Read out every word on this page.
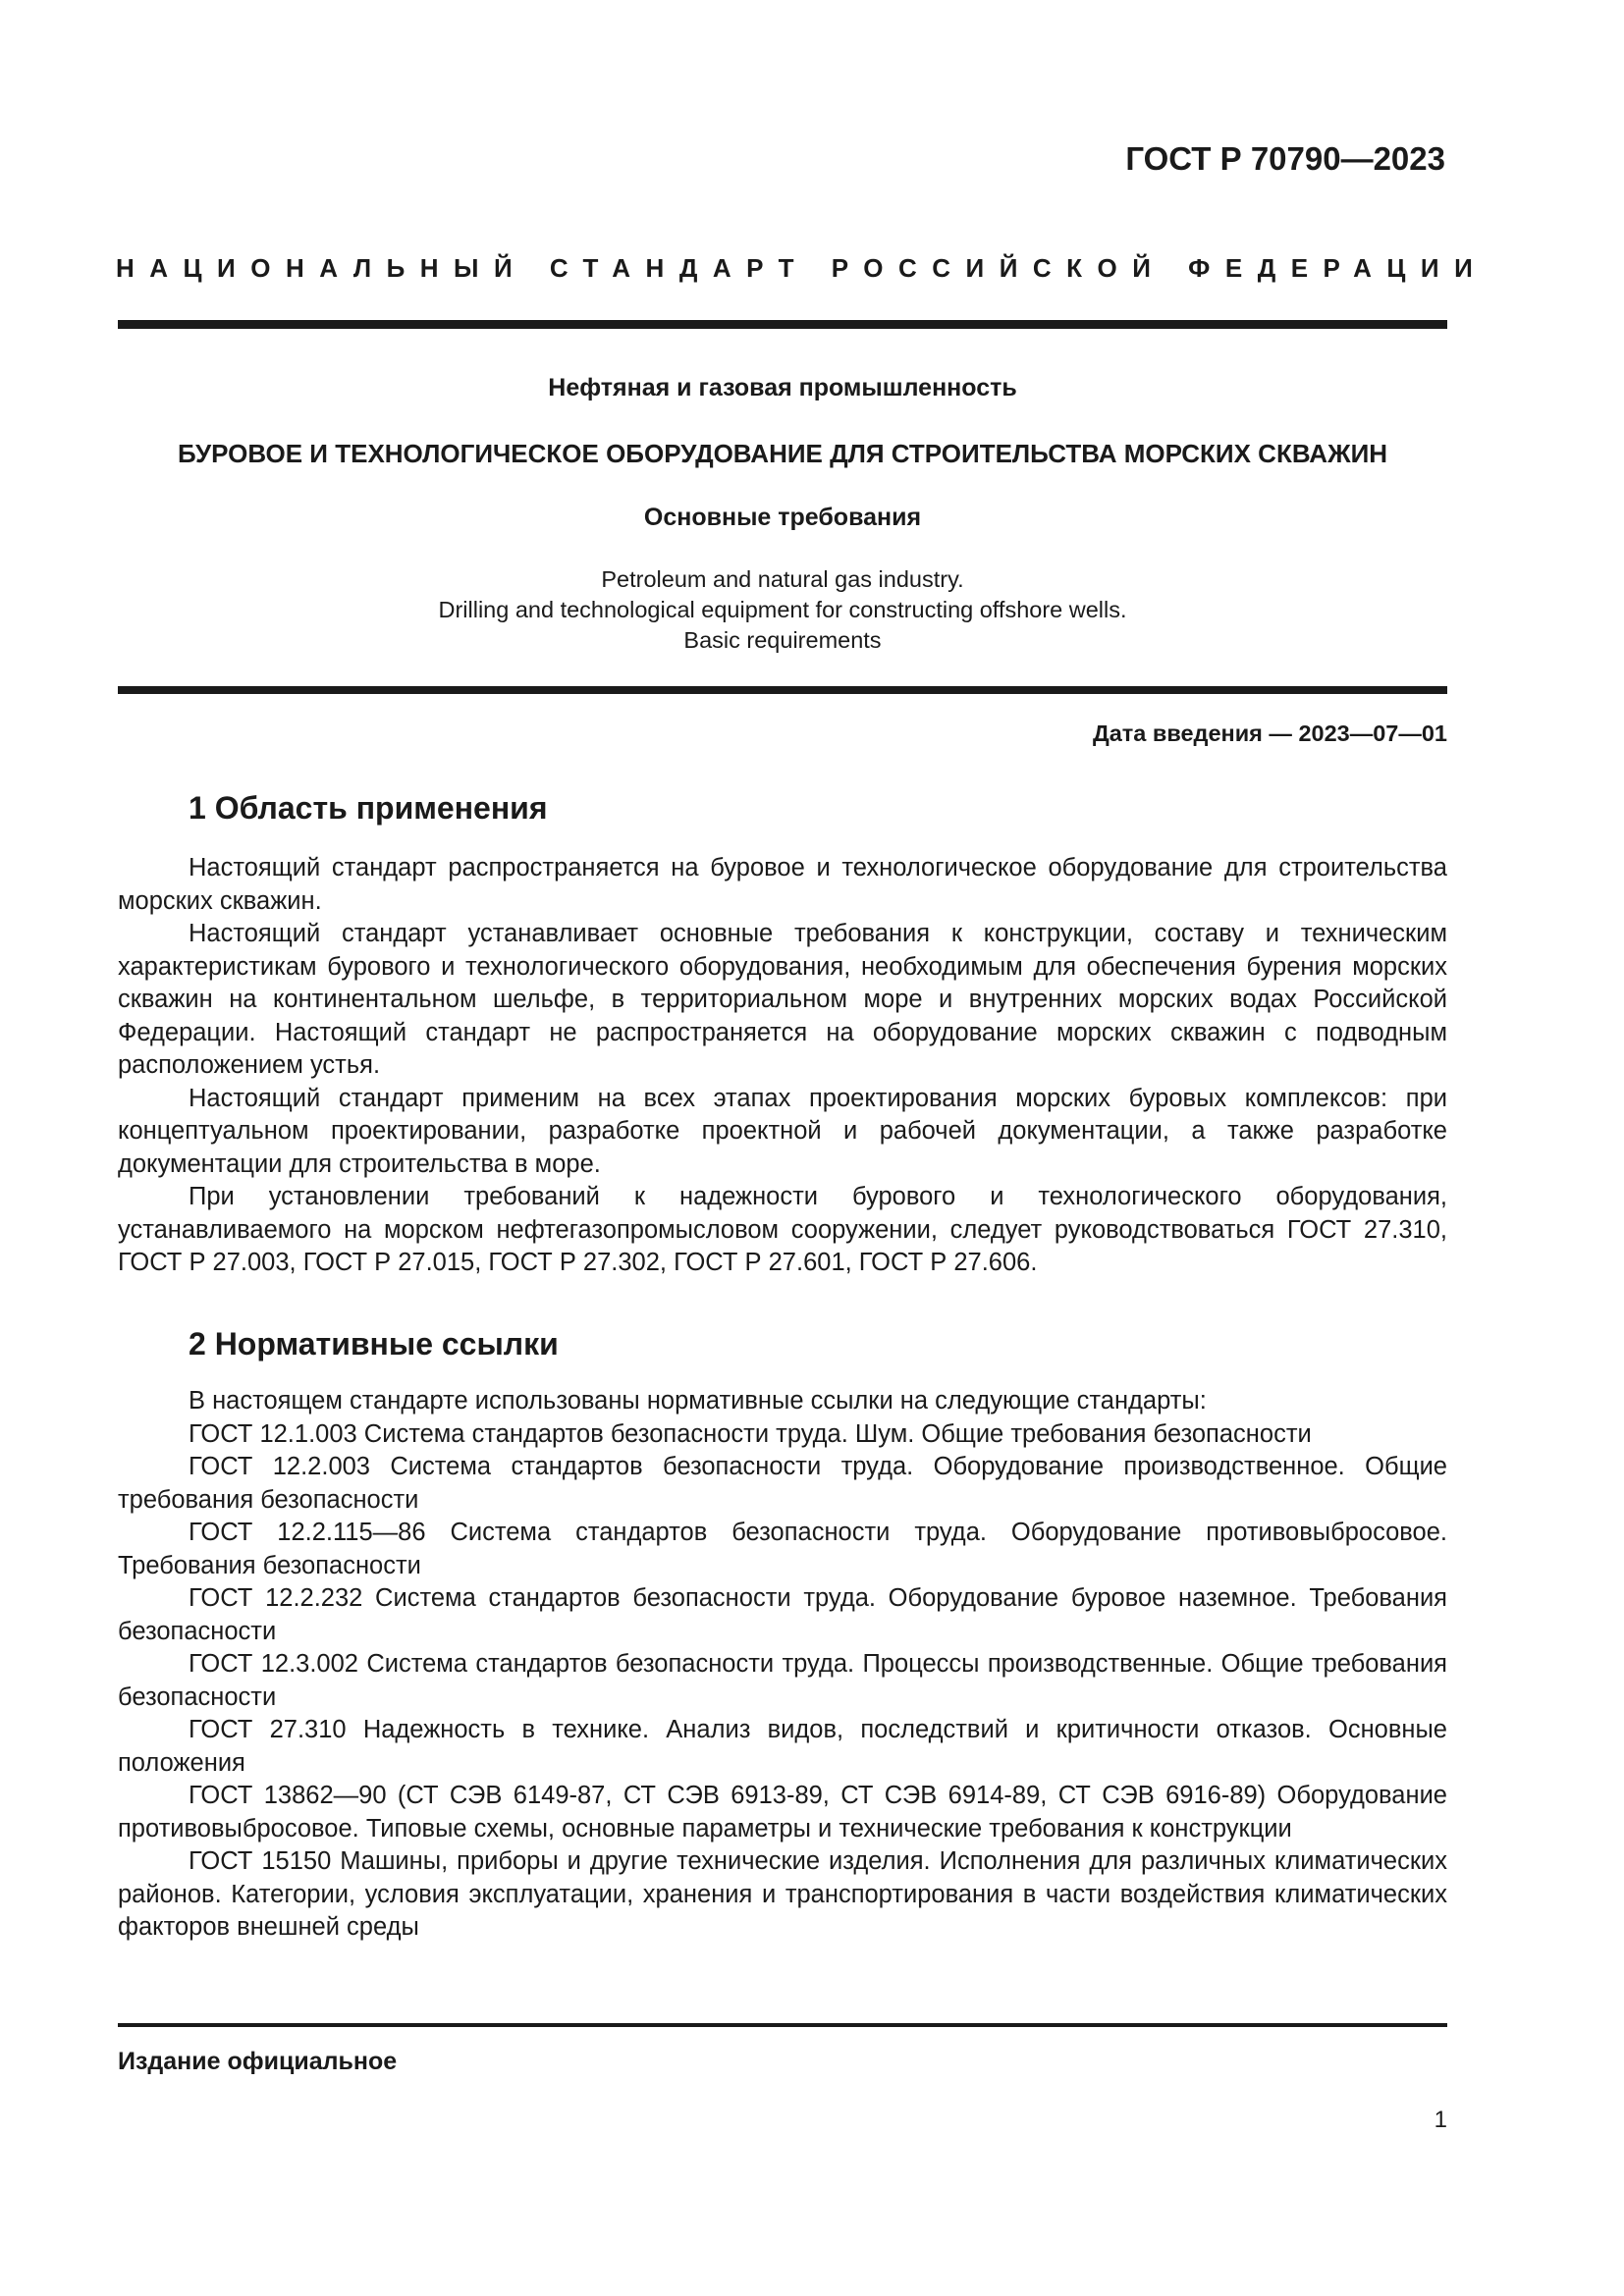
ГОСТ Р 70790—2023
НАЦИОНАЛЬНЫЙ СТАНДАРТ РОССИЙСКОЙ ФЕДЕРАЦИИ
Нефтяная и газовая промышленность
БУРОВОЕ И ТЕХНОЛОГИЧЕСКОЕ ОБОРУДОВАНИЕ ДЛЯ СТРОИТЕЛЬСТВА МОРСКИХ СКВАЖИН
Основные требования
Petroleum and natural gas industry.
Drilling and technological equipment for constructing offshore wells.
Basic requirements
Дата введения — 2023—07—01
1 Область применения

Настоящий стандарт распространяется на буровое и технологическое оборудование для строительства морских скважин.

Настоящий стандарт устанавливает основные требования к конструкции, составу и техническим характеристикам бурового и технологического оборудования, необходимым для обеспечения бурения морских скважин на континентальном шельфе, в территориальном море и внутренних морских водах Российской Федерации. Настоящий стандарт не распространяется на оборудование морских скважин с подводным расположением устья.

Настоящий стандарт применим на всех этапах проектирования морских буровых комплексов: при концептуальном проектировании, разработке проектной и рабочей документации, а также разработке документации для строительства в море.

При установлении требований к надежности бурового и технологического оборудования, устанавливаемого на морском нефтегазопромысловом сооружении, следует руководствоваться ГОСТ 27.310, ГОСТ Р 27.003, ГОСТ Р 27.015, ГОСТ Р 27.302, ГОСТ Р 27.601, ГОСТ Р 27.606.

2 Нормативные ссылки

В настоящем стандарте использованы нормативные ссылки на следующие стандарты:

ГОСТ 12.1.003 Система стандартов безопасности труда. Шум. Общие требования безопасности

ГОСТ 12.2.003 Система стандартов безопасности труда. Оборудование производственное. Общие требования безопасности

ГОСТ 12.2.115—86 Система стандартов безопасности труда. Оборудование противовыбросовое. Требования безопасности

ГОСТ 12.2.232 Система стандартов безопасности труда. Оборудование буровое наземное. Требования безопасности

ГОСТ 12.3.002 Система стандартов безопасности труда. Процессы производственные. Общие требования безопасности

ГОСТ 27.310 Надежность в технике. Анализ видов, последствий и критичности отказов. Основные положения

ГОСТ 13862—90 (СТ СЭВ 6149-87, СТ СЭВ 6913-89, СТ СЭВ 6914-89, СТ СЭВ 6916-89) Оборудование противовыбросовое. Типовые схемы, основные параметры и технические требования к конструкции

ГОСТ 15150 Машины, приборы и другие технические изделия. Исполнения для различных климатических районов. Категории, условия эксплуатации, хранения и транспортирования в части воздействия климатических факторов внешней среды

Издание официальное
1
